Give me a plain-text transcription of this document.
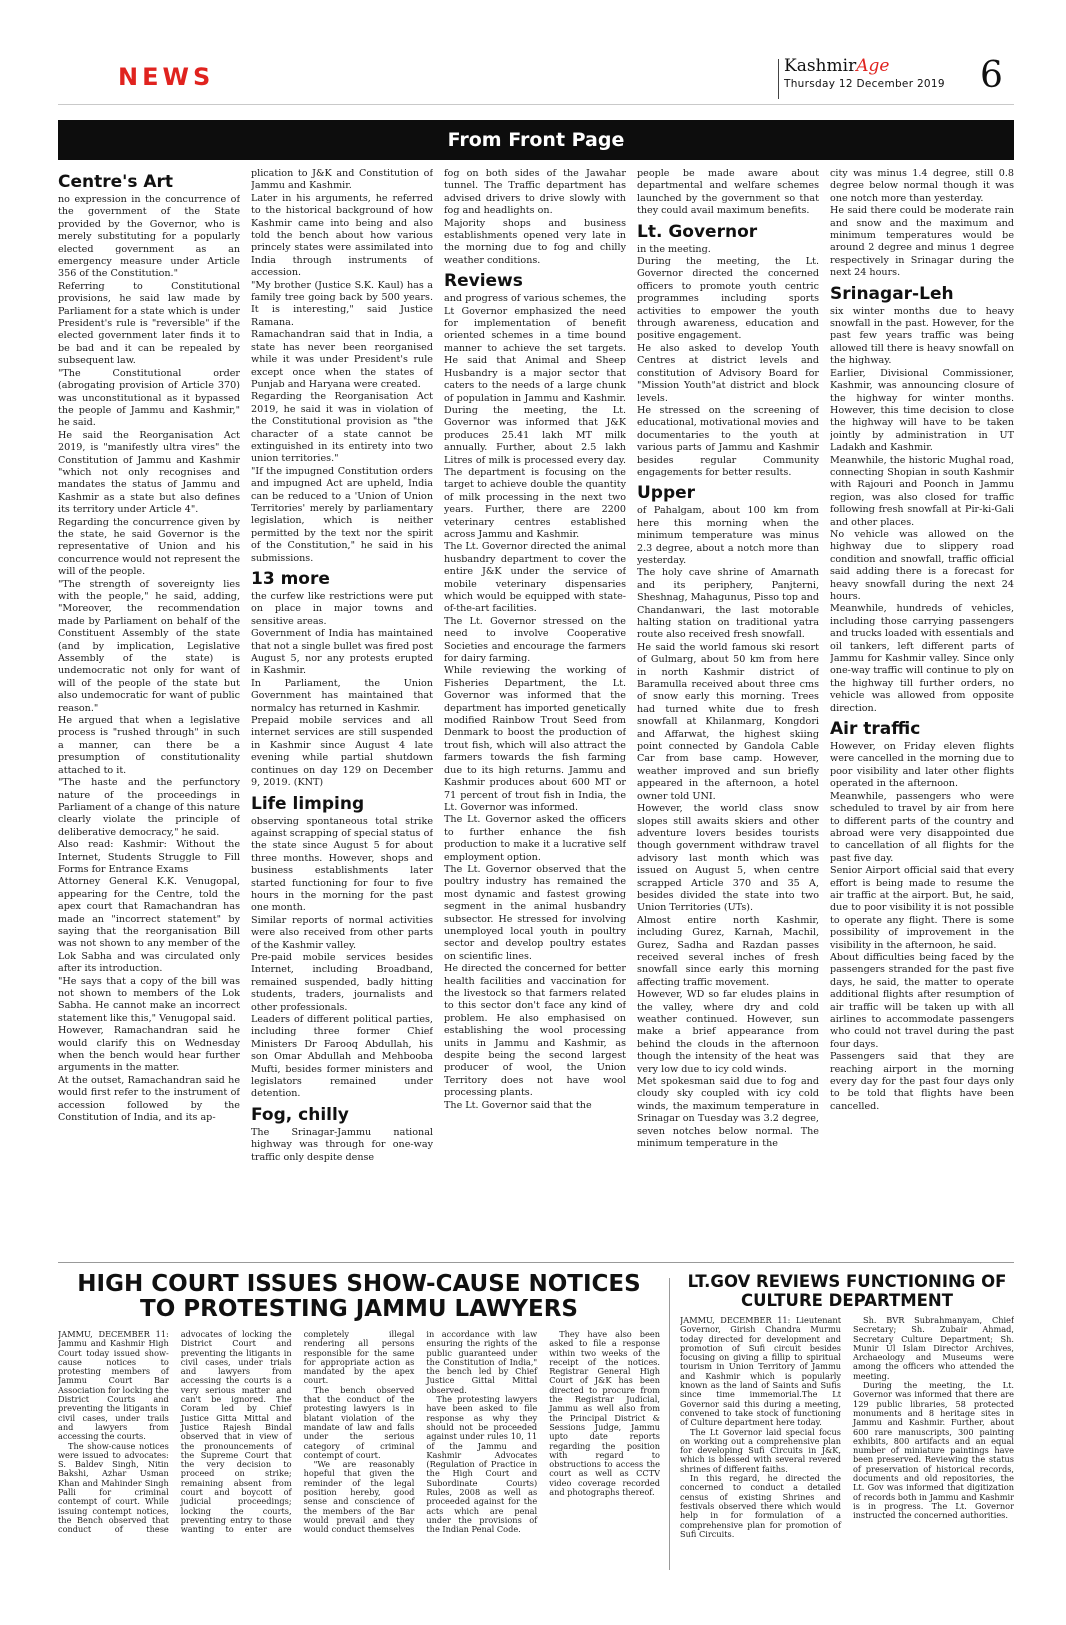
NEWS	KashmirAge
Thursday 12 December 2019 6
From Front Page
Centre's Art
no expression in the concurrence of the government of the State provided by the Governor, who is merely substituting for a popularly elected government as an emergency measure under Article 356 of the Constitution."
Referring to Constitutional provisions, he said law made by Parliament for a state which is under President's rule is "reversible" if the elected government later finds it to be bad and it can be repealed by subsequent law.
"The Constitutional order (abrogating provision of Article 370) was unconstitutional as it bypassed the people of Jammu and Kashmir," he said.
He said the Reorganisation Act 2019, is "manifestly ultra vires" the Constitution of Jammu and Kashmir "which not only recognises and mandates the status of Jammu and Kashmir as a state but also defines its territory under Article 4".
Regarding the concurrence given by the state, he said Governor is the representative of Union and his concurrence would not represent the will of the people.
"The strength of sovereignty lies with the people," he said, adding, "Moreover, the recommendation made by Parliament on behalf of the Constituent Assembly of the state (and by implication, Legislative Assembly of the state) is undemocratic not only for want of will of the people of the state but also undemocratic for want of public reason."
He argued that when a legislative process is "rushed through" in such a manner, can there be a presumption of constitutionality attached to it.
"The haste and the perfunctory nature of the proceedings in Parliament of a change of this nature clearly violate the principle of deliberative democracy," he said.
Also read: Kashmir: Without the Internet, Students Struggle to Fill Forms for Entrance Exams
Attorney General K.K. Venugopal, appearing for the Centre, told the apex court that Ramachandran has made an "incorrect statement" by saying that the reorganisation Bill was not shown to any member of the Lok Sabha and was circulated only after its introduction.
"He says that a copy of the bill was not shown to members of the Lok Sabha. He cannot make an incorrect statement like this," Venugopal said.
However, Ramachandran said he would clarify this on Wednesday when the bench would hear further arguments in the matter.
At the outset, Ramachandran said he would first refer to the instrument of accession followed by the Constitution of India, and its ap-
plication to J&K and Constitution of Jammu and Kashmir.
Later in his arguments, he referred to the historical background of how Kashmir came into being and also told the bench about how various princely states were assimilated into India through instruments of accession.
"My brother (Justice S.K. Kaul) has a family tree going back by 500 years. It is interesting," said Justice Ramana.
Ramachandran said that in India, a state has never been reorganised while it was under President's rule except once when the states of Punjab and Haryana were created.
Regarding the Reorganisation Act 2019, he said it was in violation of the Constitutional provision as "the character of a state cannot be extinguished in its entirety into two union territories."
"If the impugned Constitution orders and impugned Act are upheld, India can be reduced to a 'Union of Union Territories' merely by parliamentary legislation, which is neither permitted by the text nor the spirit of the Constitution," he said in his submissions.
13 more
the curfew like restrictions were put on place in major towns and sensitive areas.
Government of India has maintained that not a single bullet was fired post August 5, nor any protests erupted in Kashmir.
In Parliament, the Union Government has maintained that normalcy has returned in Kashmir.
Prepaid mobile services and all internet services are still suspended in Kashmir since August 4 late evening while partial shutdown continues on day 129 on December 9, 2019. (KNT)
Life limping
observing spontaneous total strike against scrapping of special status of the state since August 5 for about three months. However, shops and business establishments later started functioning for four to five hours in the morning for the past one month.
Similar reports of normal activities were also received from other parts of the Kashmir valley.
Pre-paid mobile services besides Internet, including Broadband, remained suspended, badly hitting students, traders, journalists and other professionals.
Leaders of different political parties, including three former Chief Ministers Dr Farooq Abdullah, his son Omar Abdullah and Mehbooba Mufti, besides former ministers and legislators remained under detention.
Fog, chilly
The Srinagar-Jammu national highway was through for one-way traffic only despite dense
fog on both sides of the Jawahar tunnel. The Traffic department has advised drivers to drive slowly with fog and headlights on.
Majority shops and business establishments opened very late in the morning due to fog and chilly weather conditions.
Reviews
and progress of various schemes, the Lt Governor emphasized the need for implementation of benefit oriented schemes in a time bound manner to achieve the set targets. He said that Animal and Sheep Husbandry is a major sector that caters to the needs of a large chunk of population in Jammu and Kashmir. During the meeting, the Lt. Governor was informed that J&K produces 25.41 lakh MT milk annually. Further, about 2.5 lakh Litres of milk is processed every day. The department is focusing on the target to achieve double the quantity of milk processing in the next two years. Further, there are 2200 veterinary centres established across Jammu and Kashmir.
The Lt. Governor directed the animal husbandry department to cover the entire J&K under the service of mobile veterinary dispensaries which would be equipped with state-of-the-art facilities.
The Lt. Governor stressed on the need to involve Cooperative Societies and encourage the farmers for dairy farming.
While reviewing the working of Fisheries Department, the Lt. Governor was informed that the department has imported genetically modified Rainbow Trout Seed from Denmark to boost the production of trout fish, which will also attract the farmers towards the fish farming due to its high returns. Jammu and Kashmir produces about 600 MT or 71 percent of trout fish in India, the Lt. Governor was informed.
The Lt. Governor asked the officers to further enhance the fish production to make it a lucrative self employment option.
The Lt. Governor observed that the poultry industry has remained the most dynamic and fastest growing segment in the animal husbandry subsector. He stressed for involving unemployed local youth in poultry sector and develop poultry estates on scientific lines.
He directed the concerned for better health facilities and vaccination for the livestock so that farmers related to this sector don't face any kind of problem. He also emphasised on establishing the wool processing units in Jammu and Kashmir, as despite being the second largest producer of wool, the Union Territory does not have wool processing plants.
The Lt. Governor said that the
people be made aware about departmental and welfare schemes launched by the government so that they could avail maximum benefits.
Lt. Governor
in the meeting.
During the meeting, the Lt. Governor directed the concerned officers to promote youth centric programmes including sports activities to empower the youth through awareness, education and positive engagement.
He also asked to develop Youth Centres at district levels and constitution of Advisory Board for "Mission Youth"at district and block levels.
He stressed on the screening of educational, motivational movies and documentaries to the youth at various parts of Jammu and Kashmir besides regular Community engagements for better results.
Upper
of Pahalgam, about 100 km from here this morning when the minimum temperature was minus 2.3 degree, about a notch more than yesterday.
The holy cave shrine of Amarnath and its periphery, Panjterni, Sheshnag, Mahagunus, Pisso top and Chandanwari, the last motorable halting station on traditional yatra route also received fresh snowfall.
He said the world famous ski resort of Gulmarg, about 50 km from here in north Kashmir district of Baramulla received about three cms of snow early this morning. Trees had turned white due to fresh snowfall at Khilanmarg, Kongdori and Affarwat, the highest skiing point connected by Gandola Cable Car from base camp. However, weather improved and sun briefly appeared in the afternoon, a hotel owner told UNI.
However, the world class snow slopes still awaits skiers and other adventure lovers besides tourists though government withdraw travel advisory last month which was issued on August 5, when centre scrapped Article 370 and 35 A, besides divided the state into two Union Territories (UTs).
Almost entire north Kashmir, including Gurez, Karnah, Machil, Gurez, Sadha and Razdan passes received several inches of fresh snowfall since early this morning affecting traffic movement.
However, WD so far eludes plains in the valley, where dry and cold weather continued. However, sun make a brief appearance from behind the clouds in the afternoon though the intensity of the heat was very low due to icy cold winds.
Met spokesman said due to fog and cloudy sky coupled with icy cold winds, the maximum temperature in Srinagar on Tuesday was 3.2 degree, seven notches below normal. The minimum temperature in the
city was minus 1.4 degree, still 0.8 degree below normal though it was one notch more than yesterday.
He said there could be moderate rain and snow and the maximum and minimum temperatures would be around 2 degree and minus 1 degree respectively in Srinagar during the next 24 hours.
Srinagar-Leh
six winter months due to heavy snowfall in the past. However, for the past few years traffic was being allowed till there is heavy snowfall on the highway.
Earlier, Divisional Commissioner, Kashmir, was announcing closure of the highway for winter months. However, this time decision to close the highway will have to be taken jointly by administration in UT Ladakh and Kashmir.
Meanwhile, the historic Mughal road, connecting Shopian in south Kashmir with Rajouri and Poonch in Jammu region, was also closed for traffic following fresh snowfall at Pir-ki-Gali and other places.
No vehicle was allowed on the highway due to slippery road condition and snowfall, traffic official said adding there is a forecast for heavy snowfall during the next 24 hours.
Meanwhile, hundreds of vehicles, including those carrying passengers and trucks loaded with essentials and oil tankers, left different parts of Jammu for Kashmir valley. Since only one-way traffic will continue to ply on the highway till further orders, no vehicle was allowed from opposite direction.
Air traffic
However, on Friday eleven flights were cancelled in the morning due to poor visibility and later other flights operated in the afternoon.
Meanwhile, passengers who were scheduled to travel by air from here to different parts of the country and abroad were very disappointed due to cancellation of all flights for the past five day.
Senior Airport official said that every effort is being made to resume the air traffic at the airport. But, he said, due to poor visibility it is not possible to operate any flight. There is some possibility of improvement in the visibility in the afternoon, he said.
About difficulties being faced by the passengers stranded for the past five days, he said, the matter to operate additional flights after resumption of air traffic will be taken up with all airlines to accommodate passengers who could not travel during the past four days.
Passengers said that they are reaching airport in the morning every day for the past four days only to be told that flights have been cancelled.
HIGH COURT ISSUES SHOW-CAUSE NOTICES TO PROTESTING JAMMU LAWYERS
JAMMU, DECEMBER 11: Jammu and Kashmir High Court today issued show-cause notices to protesting members of Jammu Court Bar Association for locking the District Courts and preventing the litigants in civil cases, under trails and lawyers from accessing the courts.
The show-cause notices were issued to advocates: S. Baldev Singh, Nitin Bakshi, Azhar Usman Khan and Mahinder Singh Palli for criminal contempt of court. While issuing contempt notices, the Bench observed that conduct of these advocates of locking the District Court and preventing the litigants in civil cases, under trials and lawyers from accessing the courts is a very serious matter and can't be ignored. The Coram led by Chief Justice Gitta Mittal and Justice Rajesh Bindal observed that in view of the pronouncements of the Supreme Court that the very decision to proceed on strike; remaining absent from court and boycott of judicial proceedings; locking the courts, preventing entry to those wanting to enter are completely illegal rendering all persons responsible for the same for appropriate action as mandated by the apex court.
The bench observed that the conduct of the protesting lawyers is in blatant violation of the mandate of law and falls under the serious category of criminal contempt of court.
"We are reasonably hopeful that given the reminder of the legal position hereby, good sense and conscience of the members of the Bar would prevail and they would conduct themselves in accordance with law ensuring the rights of the public guaranteed under the Constitution of India," the bench led by Chief Justice Gittal Mittal observed.
The protesting lawyers have been asked to file response as why they should not be proceeded against under rules 10, 11 of the Jammu and Kashmir Advocates (Regulation of Practice in the High Court and Subordinate Courts) Rules, 2008 as well as proceeded against for the acts which are penal under the provisions of the Indian Penal Code.
They have also been asked to file a response within two weeks of the receipt of the notices. Registrar General High Court of J&K has been directed to procure from the Registrar Judicial, Jammu as well also from the Principal District & Sessions Judge, Jammu upto date reports regarding the position with regard to obstructions to access the court as well as CCTV video coverage recorded and photographs thereof.
LT.GOV REVIEWS FUNCTIONING OF CULTURE DEPARTMENT
JAMMU, DECEMBER 11: Lieutenant Governor, Girish Chandra Murmu today directed for development and promotion of Sufi circuit besides focusing on giving a fillip to spiritual tourism in Union Territory of Jammu and Kashmir which is popularly known as the land of Saints and Sufis since time immemorial.The Lt Governor said this during a meeting, convened to take stock of functioning of Culture department here today.
The Lt Governor laid special focus on working out a comprehensive plan for developing Sufi Circuits in J&K, which is blessed with several revered shrines of different faiths.
In this regard, he directed the concerned to conduct a detailed census of existing Shrines and festivals observed there which would help in for formulation of a comprehensive plan for promotion of Sufi Circuits.
Sh. BVR Subrahmanyam, Chief Secretary; Sh. Zubair Ahmad, Secretary Culture Department; Sh. Munir Ul Islam Director Archives, Archaeology and Museums were among the officers who attended the meeting.
During the meeting, the Lt. Governor was informed that there are 129 public libraries, 58 protected monuments and 8 heritage sites in Jammu and Kashmir. Further, about 600 rare manuscripts, 300 painting exhibits, 800 artifacts and an equal number of miniature paintings have been preserved. Reviewing the status of preservation of historical records, documents and old repositories, the Lt. Gov was informed that digitization of records both in Jammu and Kashmir is in progress. The Lt. Governor instructed the concerned authorities.
